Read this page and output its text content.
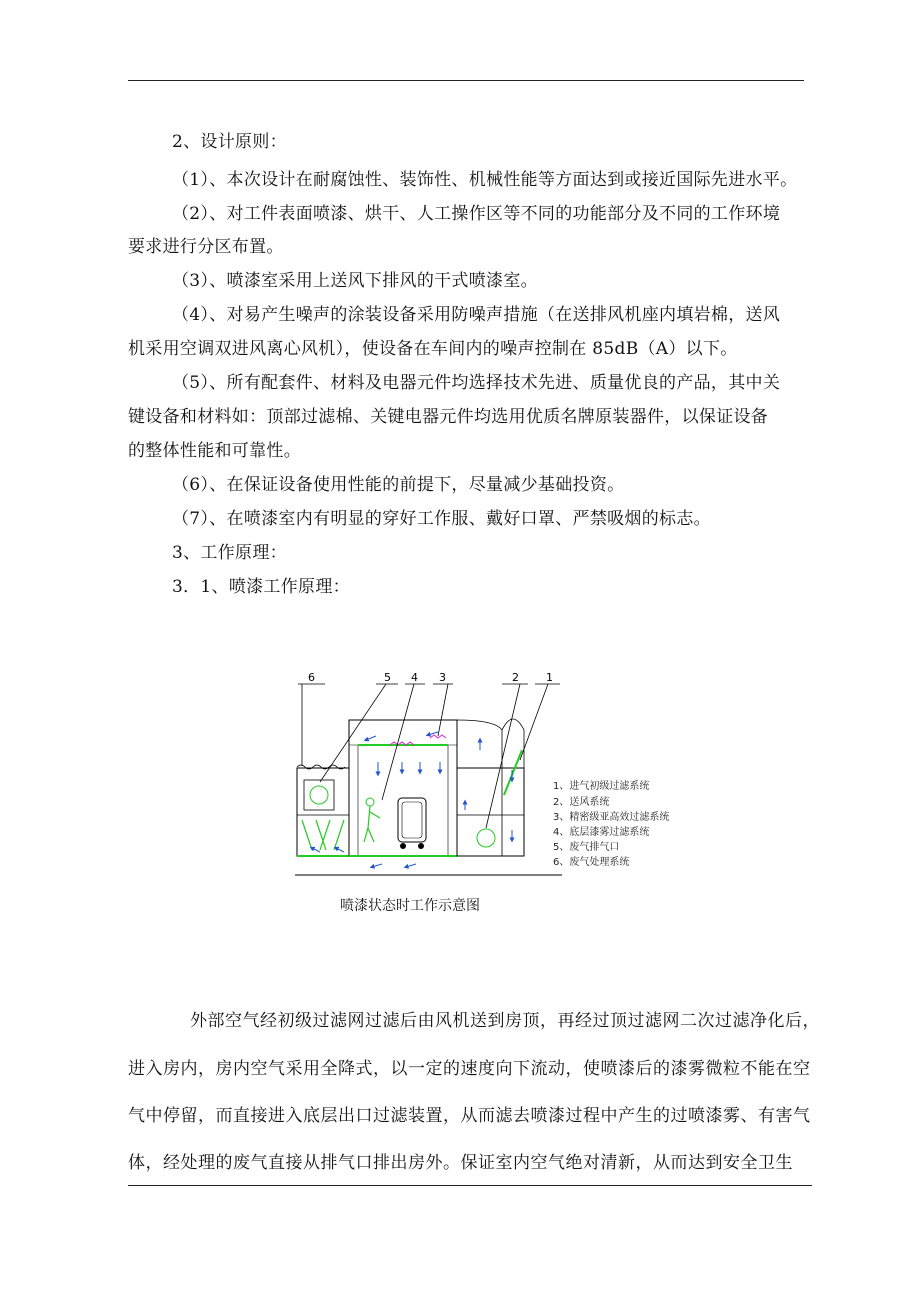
2、设计原则：
（1）、本次设计在耐腐蚀性、装饰性、机械性能等方面达到或接近国际先进水平。
（2）、对工件表面喷漆、烘干、人工操作区等不同的功能部分及不同的工作环境
要求进行分区布置。
（3）、喷漆室采用上送风下排风的干式喷漆室。
（4）、对易产生噪声的涂装设备采用防噪声措施（在送排风机座内填岩棉，送风
机采用空调双进风离心风机），使设备在车间内的噪声控制在 85dB（A）以下。
（5）、所有配套件、材料及电器元件均选择技术先进、质量优良的产品，其中关
键设备和材料如：顶部过滤棉、关键电器元件均选用优质名牌原装器件，以保证设备
的整体性能和可靠性。
（6）、在保证设备使用性能的前提下，尽量减少基础投资。
（7）、在喷漆室内有明显的穿好工作服、戴好口罩、严禁吸烟的标志。
3、工作原理：
3．1、喷漆工作原理：
6	5 4 3	2 1
1、进气初级过滤系统
2、送风系统
3、精密级亚高效过滤系统
4、底层漆雾过滤系统
5、废气排气口
6、废气处理系统
喷漆状态时工作示意图
外部空气经初级过滤网过滤后由风机送到房顶，再经过顶过滤网二次过滤净化后，
进入房内，房内空气采用全降式，以一定的速度向下流动，使喷漆后的漆雾微粒不能在空
气中停留，而直接进入底层出口过滤装置，从而滤去喷漆过程中产生的过喷漆雾、有害气
体，经处理的废气直接从排气口排出房外。保证室内空气绝对清新，从而达到安全卫生
